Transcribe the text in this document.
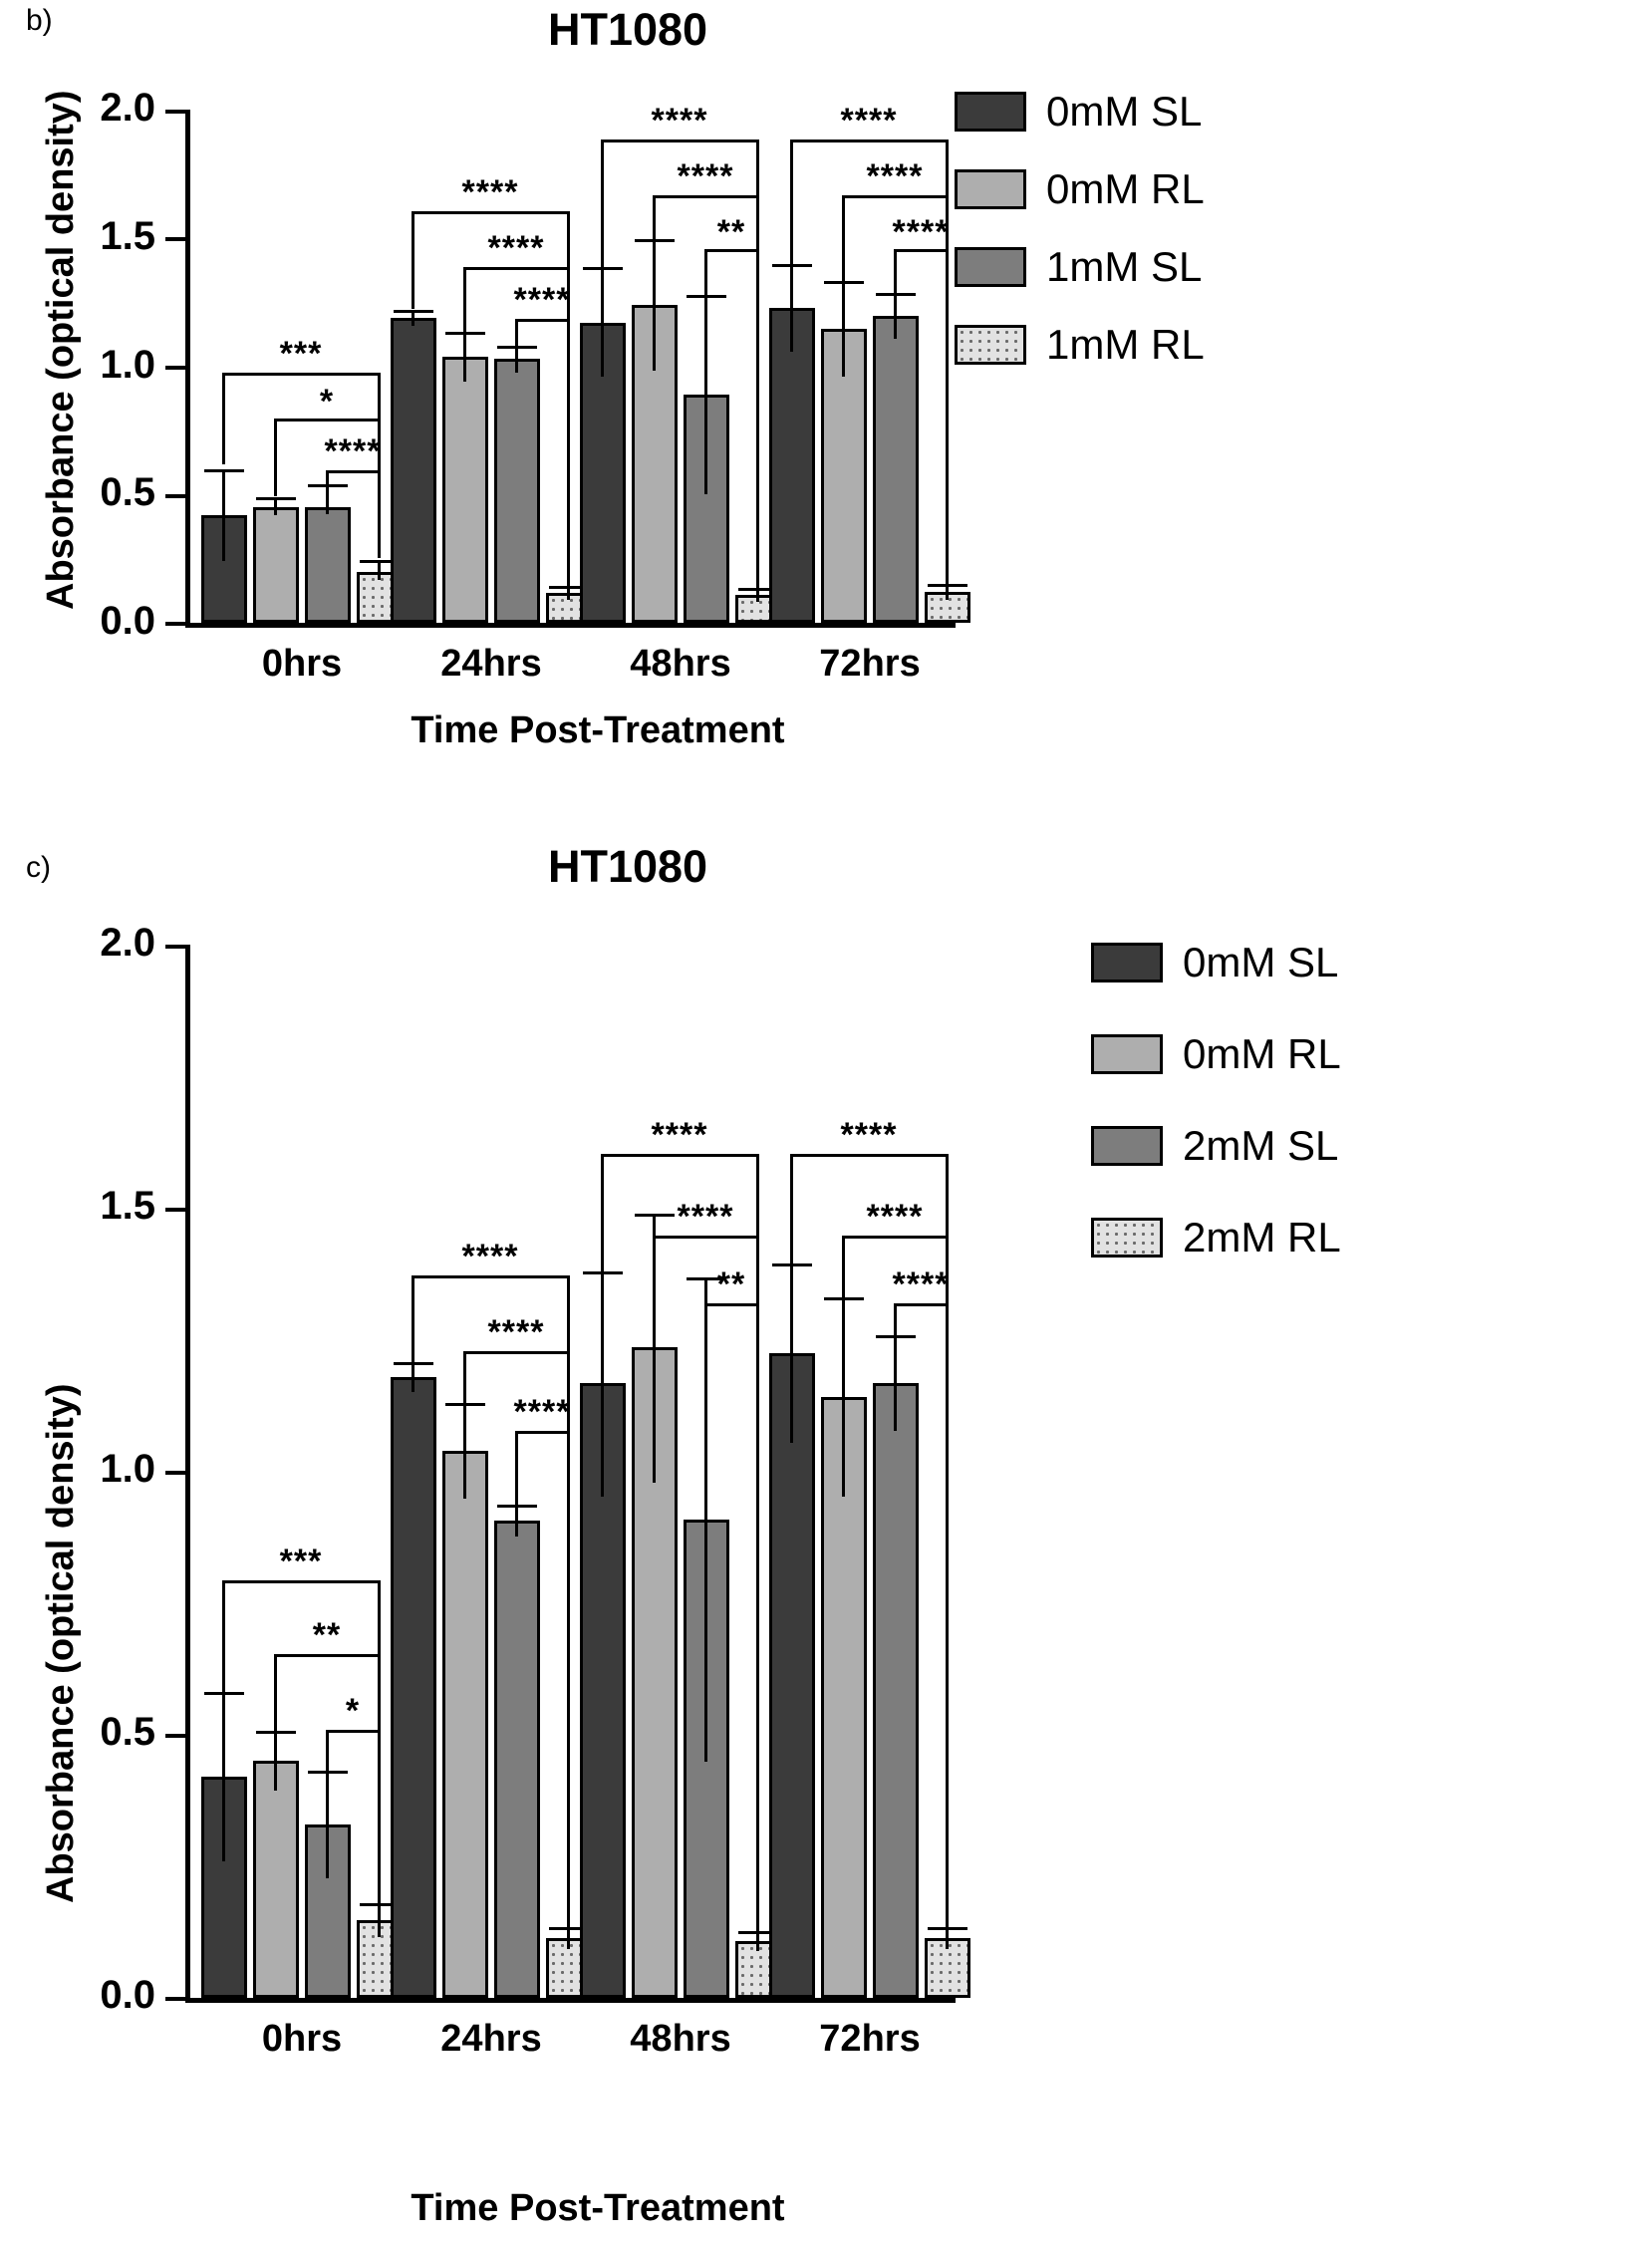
b)	HT1080
Absorbance (optical density)
Time Post-Treatment
2.0
1.5
1.0
0.5
0.0
***
*
****
****
****
****
****
****
**
****
****
****
0hrs	24hrs	48hrs	72hrs
0mM SL
0mM RL
1mM SL
1mM RL
c)	HT1080
Absorbance (optical density)
Time Post-Treatment
2.0
1.5
1.0
0.5
0.0
***
**
*
****
****
****
****
****
**
****
****
****
0hrs	24hrs	48hrs	72hrs
0mM SL
0mM RL
2mM SL
2mM RL
